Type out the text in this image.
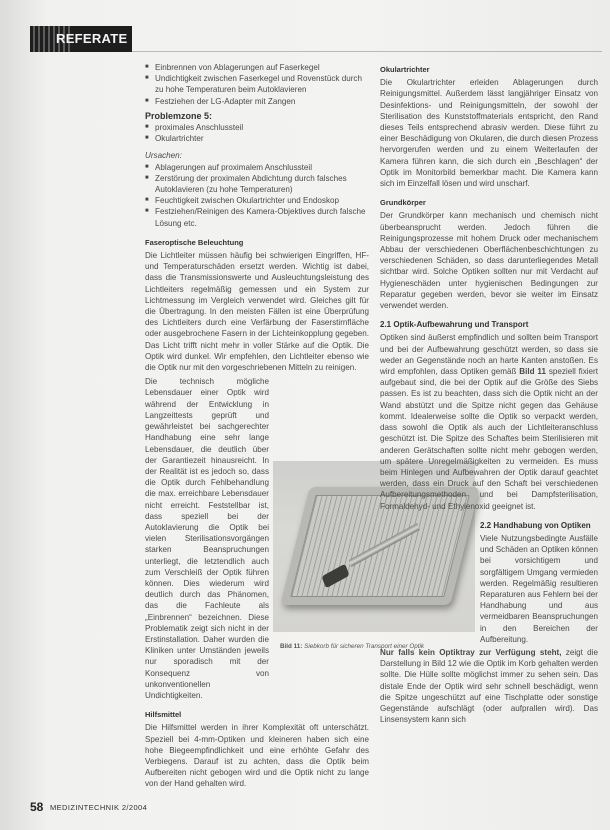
REFERATE
■ Einbrennen von Ablagerungen auf Faserkegel
■ Undichtigkeit zwischen Faserkegel und Rovenstück durch zu hohe Temperaturen beim Autoklavieren
■ Festziehen der LG-Adapter mit Zangen
Problemzone 5:
■ proximales Anschlussteil
■ Okulartrichter
Ursachen:
■ Ablagerungen auf proximalem Anschlussteil
■ Zerstörung der proximalen Abdichtung durch falsches Autoklavieren (zu hohe Temperaturen)
■ Feuchtigkeit zwischen Okulartrichter und Endoskop
■ Festziehen/Reinigen des Kamera-Objektives durch falsche Lösung etc.
Faseroptische Beleuchtung

Die Lichtleiter müssen häufig bei schwierigen Eingriffen, HF- und Temperaturschäden ersetzt werden. Wichtig ist dabei, dass die Transmissionswerte und Ausleuchtungsleistung des Lichtleiters regelmäßig gemessen und ein System zur Lichtmessung im Vergleich verwendet wird. Gleiches gilt für die Übertragung. In den meisten Fällen ist eine Überprüfung des Lichtleiters durch eine Verfärbung der Faserstirnfläche oder ausgebrochene Fasern in der Lichteinkopplung gegeben. Das Licht trifft nicht mehr in voller Stärke auf die Optik. Die Optik wird dunkel. Wir empfehlen, den Lichtleiter ebenso wie die Optik nur mit den vorgeschriebenen Mitteln zu reinigen.

Die technisch mögliche Lebensdauer einer Optik wird während der Entwicklung in Langzeittests geprüft und gewährleistet bei sachgerechter Handhabung eine sehr lange Lebensdauer, die deutlich über der Garantiezeit hinausreicht. In der Realität ist es jedoch so, dass die Optik durch Fehlbehandlung die max. erreichbare Lebensdauer nicht erreicht. Feststellbar ist, dass speziell bei der Autoklavierung die Optik bei vielen Sterilisationsvorgängen starken Beanspruchungen unterliegt, die letztendlich auch zum Verschleiß der Optik führen können. Dies wiederum wird deutlich durch das Phänomen, das die Fachleute als „Einbrennen“ bezeichnen. Diese Problematik zeigt sich nicht in der Erstinstallation. Daher wurden die Kliniken unter Umständen jeweils nur sporadisch mit der Konsequenz von unkonventionellen Undichtigkeiten.

Hilfsmittel

Die Hilfsmittel werden in ihrer Komplexität oft unterschätzt. Speziell bei 4-mm-Optiken und kleineren haben sich eine hohe Biegeempfindlichkeit und eine erhöhte Gefahr des Verbiegens. Darauf ist zu achten, dass die Optik beim Aufbereiten nicht gebogen wird und die Optik nicht zu lange von der Hand gehalten wird.

Bild 11: Siebkorb für sicheren Transport einer Optik
Okulartrichter

Die Okulartrichter erleiden Ablagerungen durch Reinigungsmittel. Außerdem lässt langjähriger Einsatz von Desinfektions- und Reinigungsmitteln, der sowohl der Sterilisation des Kunststoffmaterials entspricht, den Rand dieses Teils entsprechend abrasiv werden. Diese führt zu einer Beschädigung von Okularen, die durch diesen Prozess hervorgerufen werden und zu einem Weiterlaufen der Kamera führen kann, die sich durch ein „Beschlagen“ der Optik im Monitorbild bemerkbar macht. Die Kamera kann sich im Einzelfall lösen und wird unscharf.

Grundkörper

Der Grundkörper kann mechanisch und chemisch nicht überbeansprucht werden. Jedoch führen die Reinigungsprozesse mit hohem Druck oder mechanischem Abbau der verschiedenen Oberflächenbeschichtungen zu verschiedenen Schäden, so dass darunterliegendes Metall sichtbar wird. Solche Optiken sollten nur mit Verdacht auf Hygieneschäden unter hygienischen Bedingungen zur Reparatur gegeben werden, bevor sie weiter im Einsatz verwendet werden.

2.1 Optik-Aufbewahrung und Transport

Optiken sind äußerst empfindlich und sollten beim Transport und bei der Aufbewahrung geschützt werden, so dass sie weder an Gegenstände noch an harte Kanten anstoßen. Es wird empfohlen, dass Optiken gemäß Bild 11 speziell fixiert aufgebaut sind, die bei der Optik auf die Größe des Siebs passen. Es ist zu beachten, dass sich die Optik nicht an der Wand abstützt und die Spitze nicht gegen das Gehäuse kommt. Idealerweise sollte die Optik so verpackt werden, dass sowohl die Optik als auch der Lichtleiteranschluss geschützt ist. Die Spitze des Schaftes beim Sterilisieren mit anderen Gerätschaften sollte nicht mehr gebogen werden, um spätere Unregelmäßigkeiten zu vermeiden. Es muss beim Hinlegen und Aufbewahren der Optik darauf geachtet werden, dass ein Druck auf den Schaft bei verschiedenen Aufbereitungsmethoden und bei Dampfsterilisation, Formaldehyd- und Ethylenoxid geeignet ist.

2.2 Handhabung von Optiken

Viele Nutzungsbedingte Ausfälle und Schäden an Optiken können bei vorsichtigem und sorgfältigem Umgang vermieden werden. Regelmäßig resultieren Reparaturen aus Fehlern bei der Handhabung und aus vermeidbaren Beanspruchungen in den Bereichen der Aufbereitung.

Nur falls kein Optiktray zur Verfügung steht, zeigt die Darstellung in Bild 12 wie die Optik im Korb gehalten werden sollte. Die Hülle sollte möglichst immer zu sehen sein. Das distale Ende der Optik wird sehr schnell beschädigt, wenn die Spitze ungeschützt auf eine Tischplatte oder sonstige Gegenstände aufschlägt (oder aufprallen wird). Das Linsensystem kann sich

58 MEDIZINTECHNIK 2/2004
